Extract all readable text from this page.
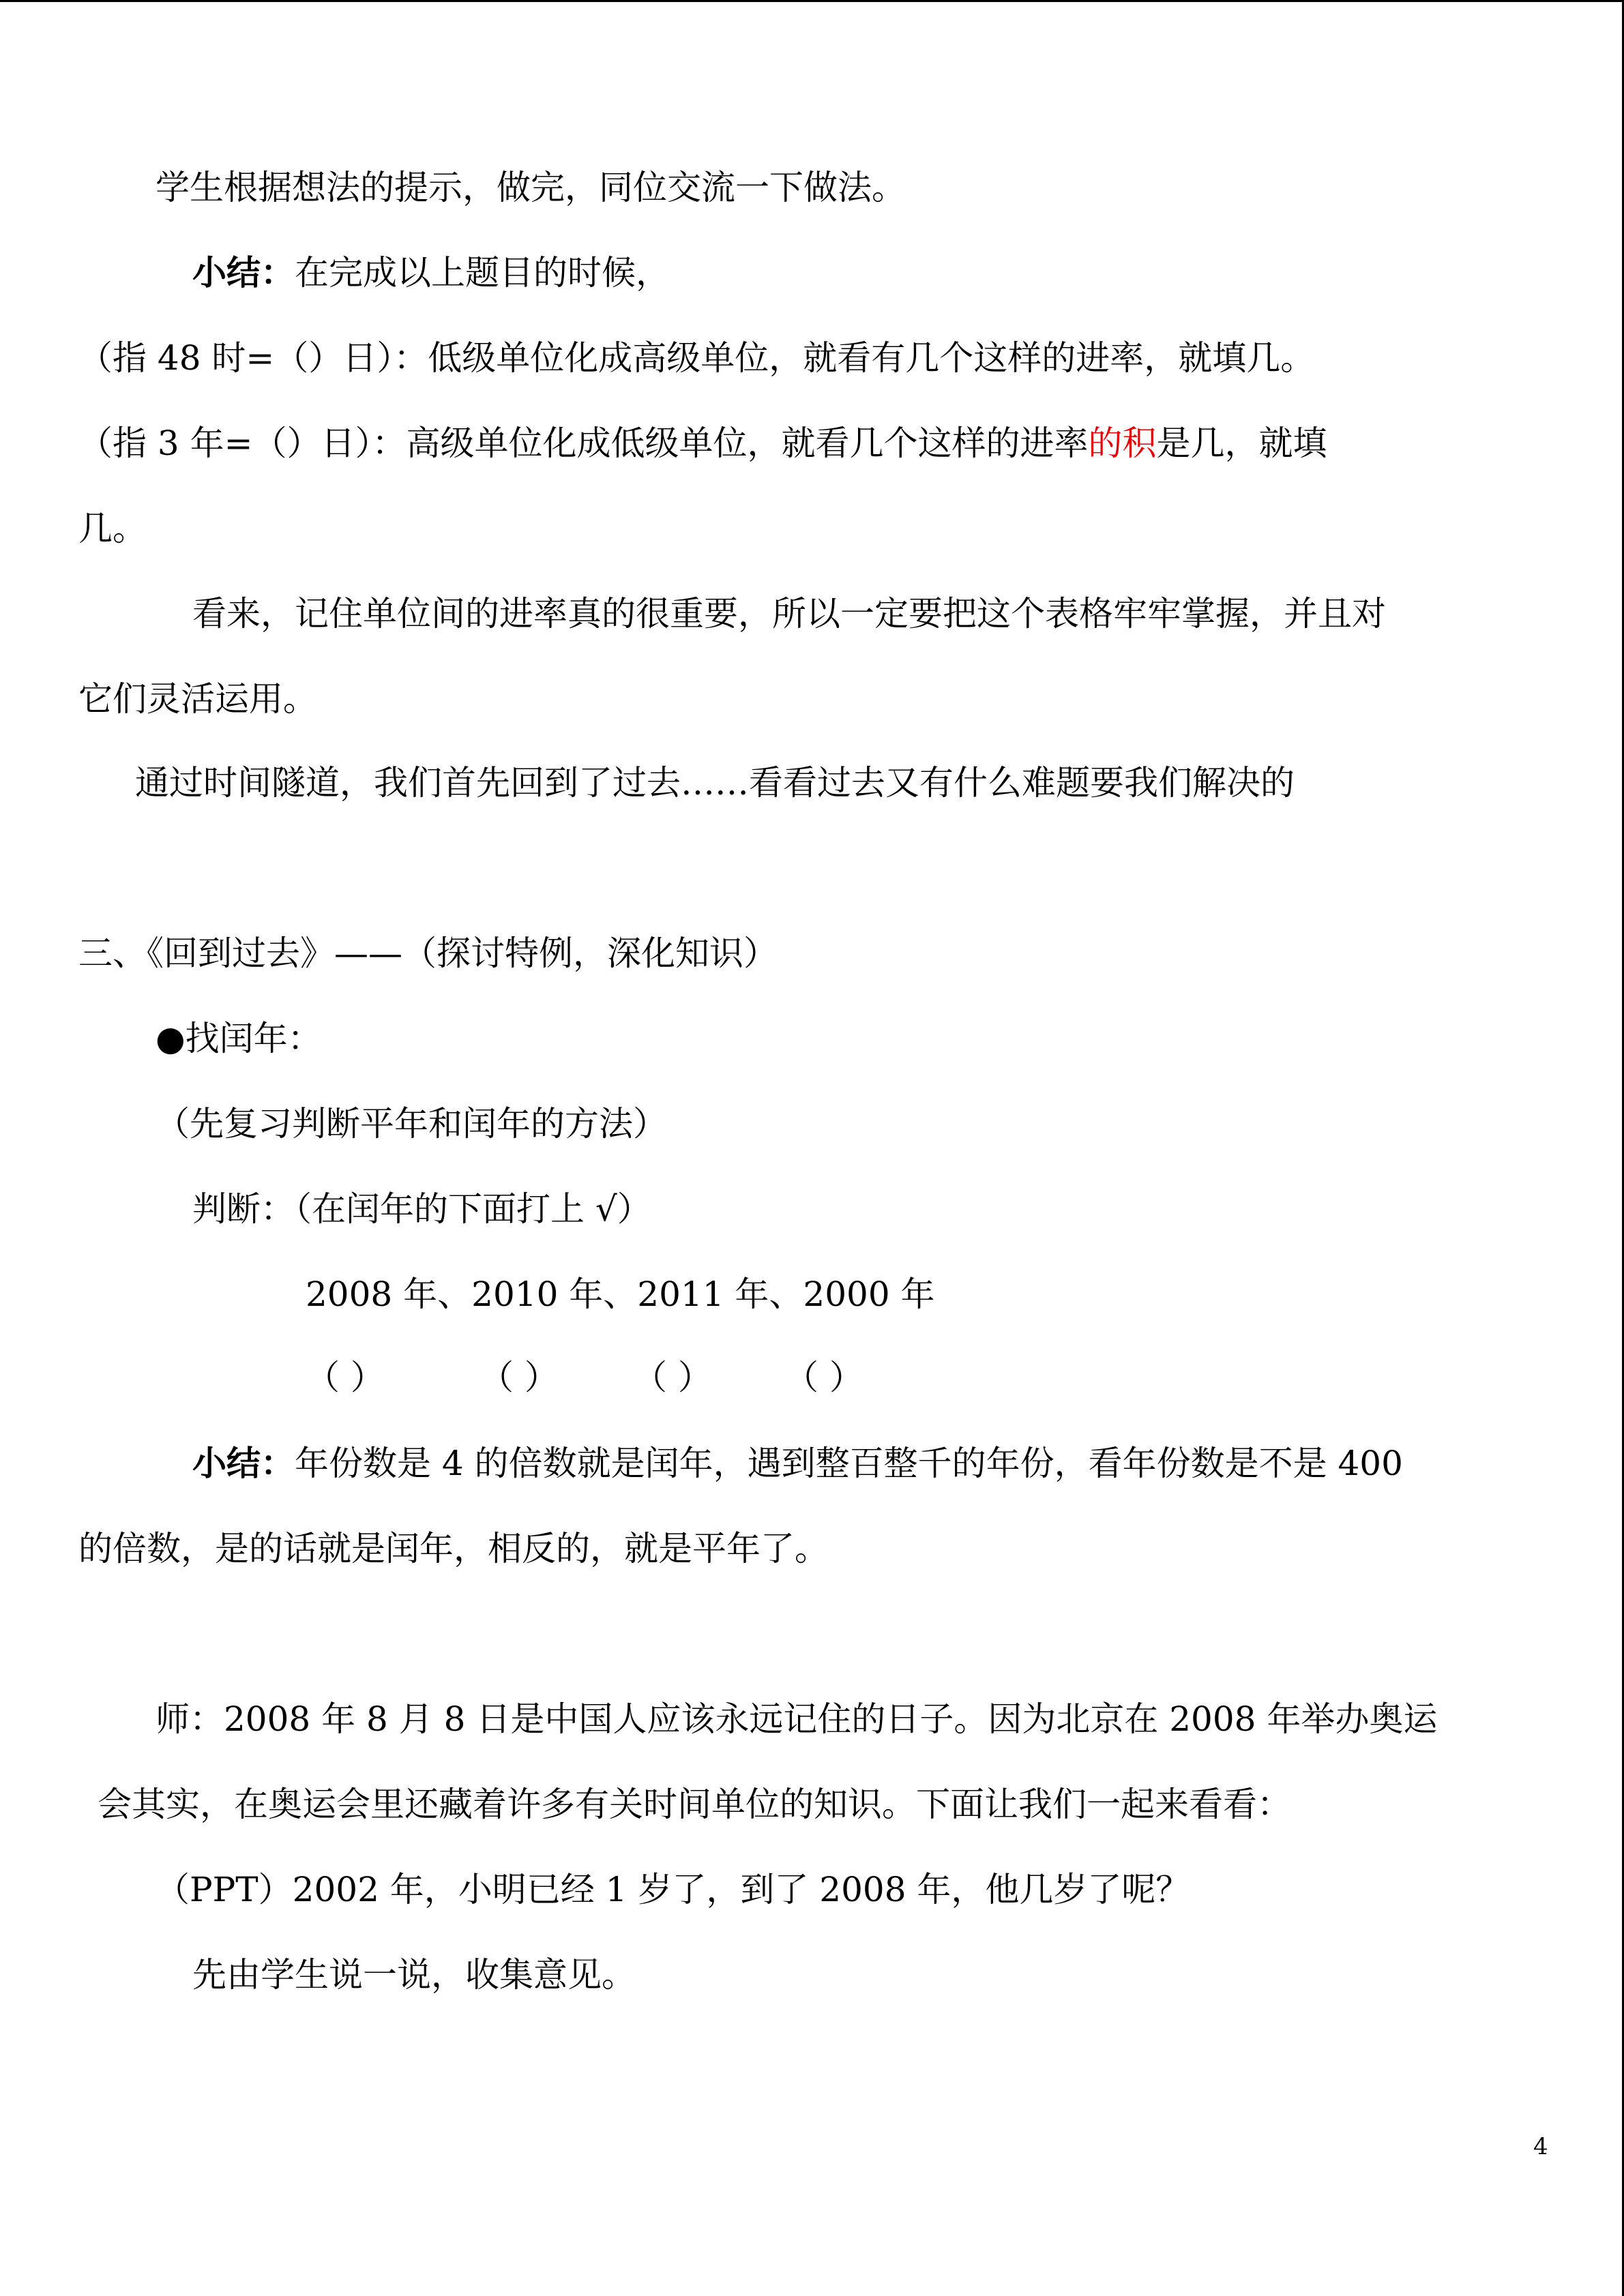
学生根据想法的提示，做完，同位交流一下做法。
小结：在完成以上题目的时候，
（指 48 时=（）日）：低级单位化成高级单位，就看有几个这样的进率，就填几。
（指 3 年=（）日）：高级单位化成低级单位，就看几个这样的进率的积是几，就填
几。
看来，记住单位间的进率真的很重要，所以一定要把这个表格牢牢掌握，并且对
它们灵活运用。
通过时间隧道，我们首先回到了过去……看看过去又有什么难题要我们解决的
三、《回到过去》——（探讨特例，深化知识）
●找闰年：
（先复习判断平年和闰年的方法）
判断：（在闰年的下面打上 √）
2008 年、2010 年、2011 年、2000 年
（ ）	（ ） （ ） （ ）
小结：年份数是 4 的倍数就是闰年，遇到整百整千的年份，看年份数是不是 400
的倍数，是的话就是闰年，相反的，就是平年了。
师：2008 年 8 月 8 日是中国人应该永远记住的日子。因为北京在 2008 年举办奥运
会其实，在奥运会里还藏着许多有关时间单位的知识。下面让我们一起来看看：
（PPT）2002 年，小明已经 1 岁了，到了 2008 年，他几岁了呢？
先由学生说一说，收集意见。
4
